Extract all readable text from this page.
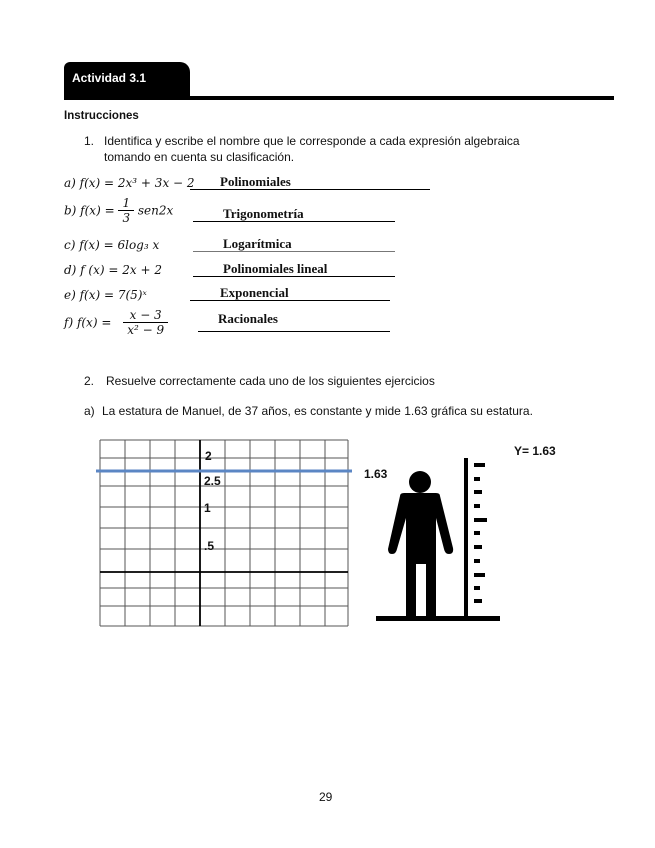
Actividad 3.1
Instrucciones
1. Identifica y escribe el nombre que le corresponde a cada expresión algebraica
tomando en cuenta su clasificación.
a) f(x) = 2x³ + 3x − 2	Polinomiales
b) $f(x) = \frac{1}{3} sen2x$	Trigonometría
c) f(x) = 6log₃ x	Logarítmica
d) f (x) = 2x + 2	Polinomiales lineal
e) f(x) = 7(5)ˣ	Exponencial
f) $f(x) = \frac{x - 3}{\text{x² − 9}}$	Racionales
2. Resuelve correctamente cada uno de los siguientes ejercicios
a) La estatura de Manuel, de 37 años, es constante y mide 1.63 gráfica su estatura.
2
2.5
1
.5
1.63
Y= 1.63
29
